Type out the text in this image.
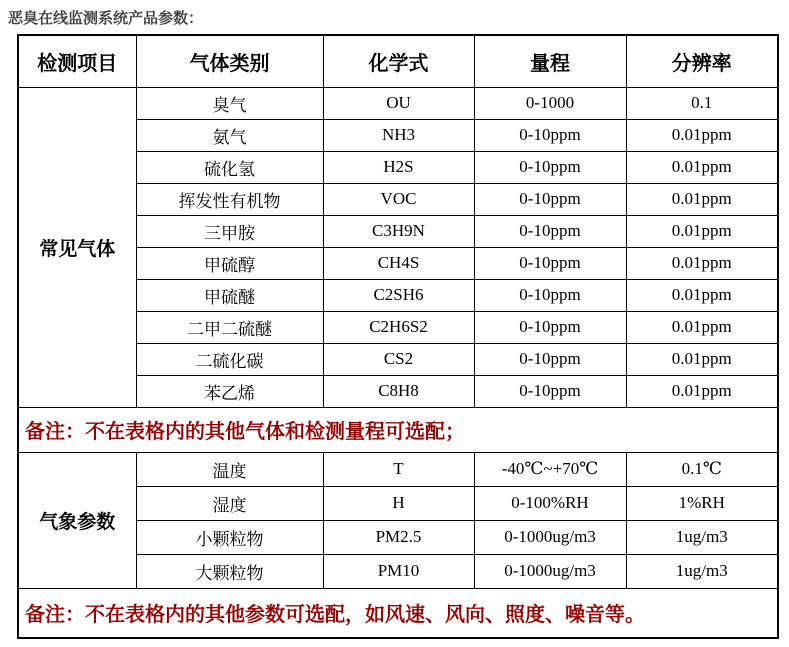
恶臭在线监测系统产品参数：
检测项目	气体类别	化学式	量程	分辨率
常见气体	臭气	OU	0-1000	0.1
	氨气	NH3	0-10ppm	0.01ppm
	硫化氢	H2S	0-10ppm	0.01ppm
	挥发性有机物	VOC	0-10ppm	0.01ppm
	三甲胺	C3H9N	0-10ppm	0.01ppm
	甲硫醇	CH4S	0-10ppm	0.01ppm
	甲硫醚	C2SH6	0-10ppm	0.01ppm
	二甲二硫醚	C2H6S2	0-10ppm	0.01ppm
	二硫化碳	CS2	0-10ppm	0.01ppm
	苯乙烯	C8H8	0-10ppm	0.01ppm
备注：不在表格内的其他气体和检测量程可选配；				
气象参数	温度	T	-40℃~+70℃	0.1℃
	湿度	H	0-100%RH	1%RH
	小颗粒物	PM2.5	0-1000ug/m3	1ug/m3
	大颗粒物	PM10	0-1000ug/m3	1ug/m3
备注：不在表格内的其他参数可选配，如风速、风向、照度、噪音等。				
